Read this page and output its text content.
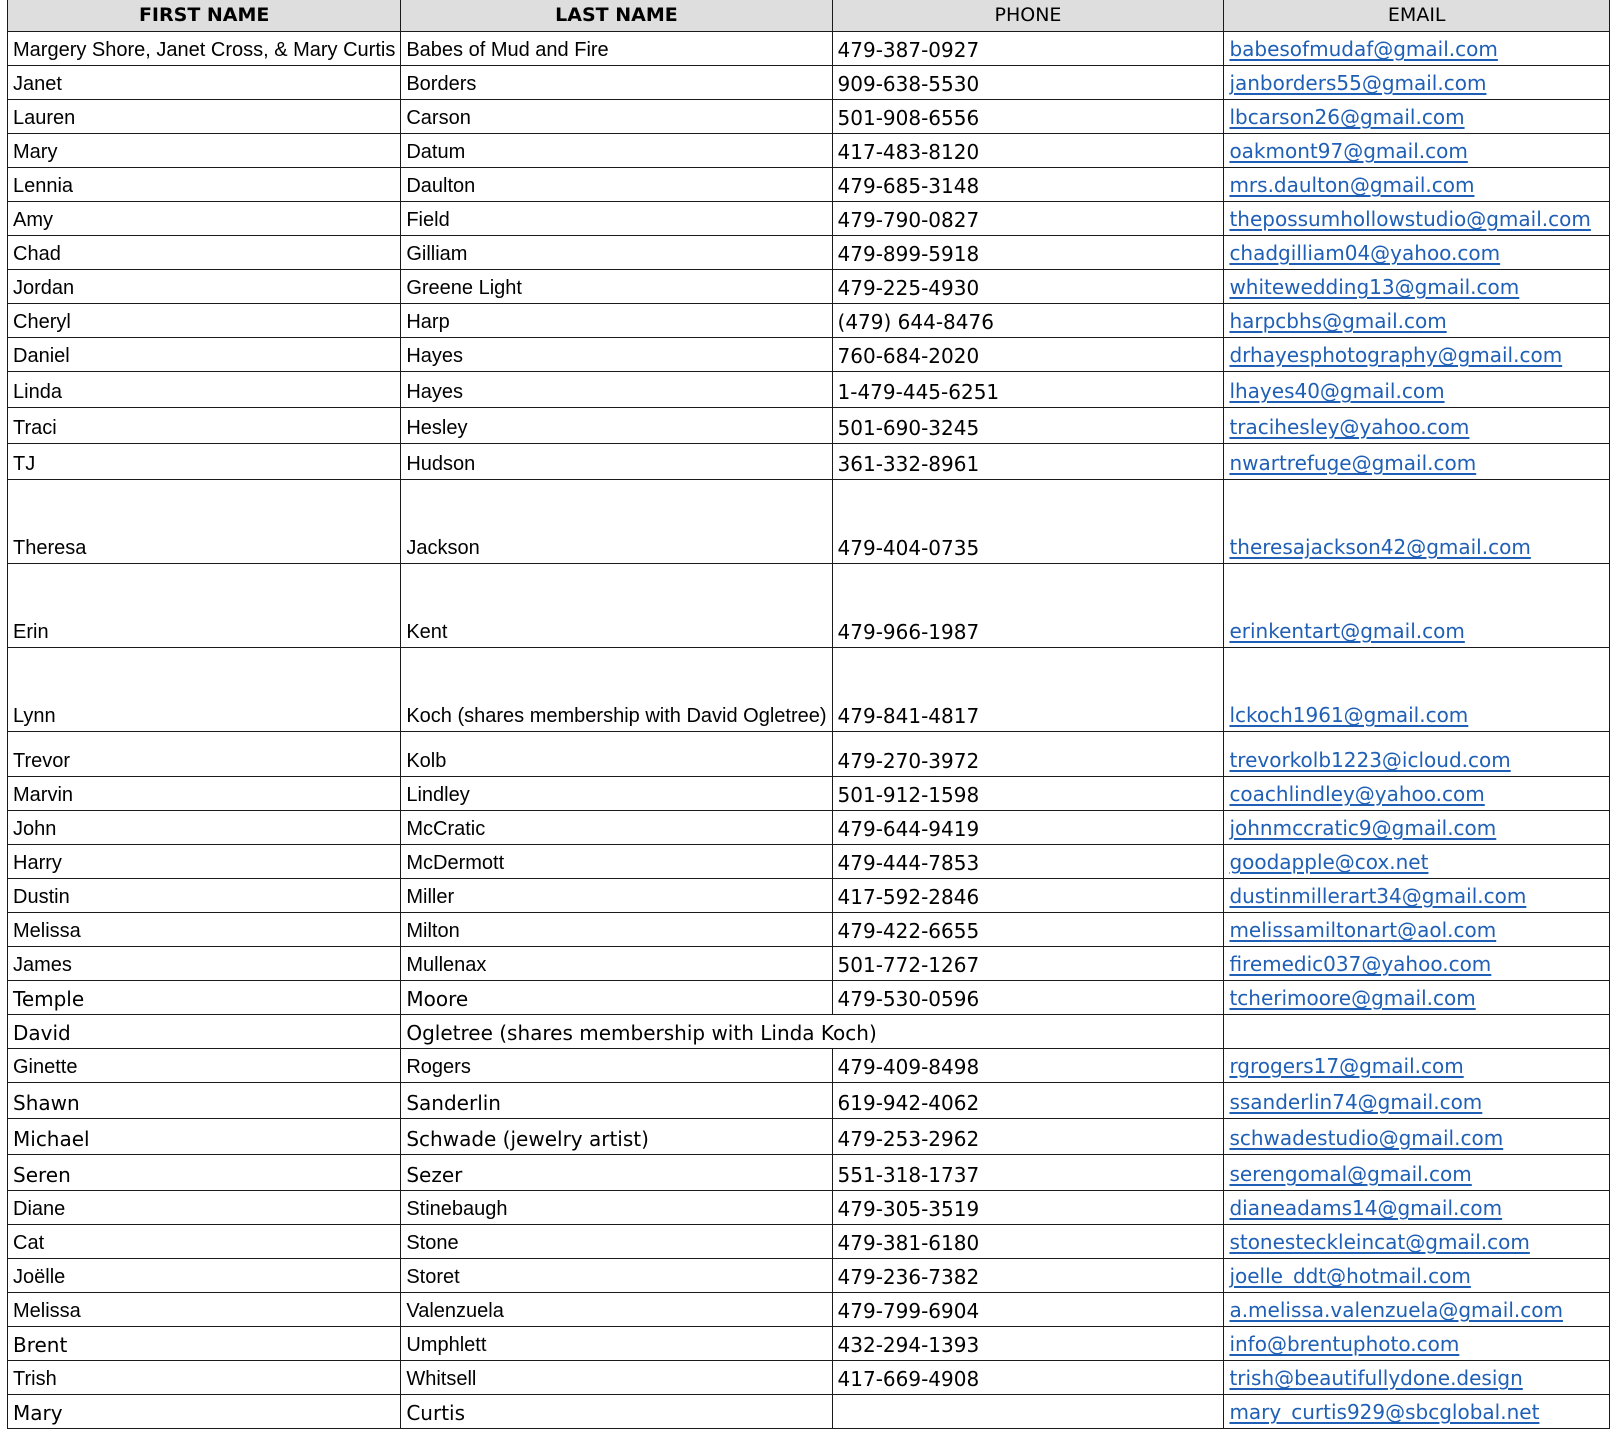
FIRST NAME	LAST NAME	PHONE	EMAIL
Margery Shore, Janet Cross, & Mary Curtis	Babes of Mud and Fire	479-387-0927	babesofmudaf@gmail.com
Janet	Borders	909-638-5530	janborders55@gmail.com
Lauren	Carson	501-908-6556	lbcarson26@gmail.com
Mary	Datum	417-483-8120	oakmont97@gmail.com
Lennia	Daulton	479-685-3148	mrs.daulton@gmail.com
Amy	Field	479-790-0827	thepossumhollowstudio@gmail.com
Chad	Gilliam	479-899-5918	chadgilliam04@yahoo.com
Jordan	Greene Light	479-225-4930	whitewedding13@gmail.com
Cheryl	Harp	(479) 644-8476	harpcbhs@gmail.com
Daniel	Hayes	760-684-2020	drhayesphotography@gmail.com
Linda	Hayes	1-479-445-6251	lhayes40@gmail.com
Traci	Hesley	501-690-3245	tracihesley@yahoo.com
TJ	Hudson	361-332-8961	nwartrefuge@gmail.com
Theresa	Jackson	479-404-0735	theresajackson42@gmail.com
Erin	Kent	479-966-1987	erinkentart@gmail.com
Lynn	Koch (shares membership with David Ogletree)	479-841-4817	lckoch1961@gmail.com
Trevor	Kolb	479-270-3972	trevorkolb1223@icloud.com
Marvin	Lindley	501-912-1598	coachlindley@yahoo.com
John	McCratic	479-644-9419	johnmccratic9@gmail.com
Harry	McDermott	479-444-7853	goodapple@cox.net
Dustin	Miller	417-592-2846	dustinmillerart34@gmail.com
Melissa	Milton	479-422-6655	melissamiltonart@aol.com
James	Mullenax	501-772-1267	firemedic037@yahoo.com
Temple	Moore	479-530-0596	tcherimoore@gmail.com
David	Ogletree (shares membership with Linda Koch)		
Ginette	Rogers	479-409-8498	rgrogers17@gmail.com
Shawn	Sanderlin	619-942-4062	ssanderlin74@gmail.com
Michael	Schwade (jewelry artist)	479-253-2962	schwadestudio@gmail.com
Seren	Sezer	551-318-1737	serengomal@gmail.com
Diane	Stinebaugh	479-305-3519	dianeadams14@gmail.com
Cat	Stone	479-381-6180	stonesteckleincat@gmail.com
Joëlle	Storet	479-236-7382	joelle_ddt@hotmail.com
Melissa	Valenzuela	479-799-6904	a.melissa.valenzuela@gmail.com
Brent	Umphlett	432-294-1393	info@brentuphoto.com
Trish	Whitsell	417-669-4908	trish@beautifullydone.design
Mary	Curtis		mary_curtis929@sbcglobal.net
